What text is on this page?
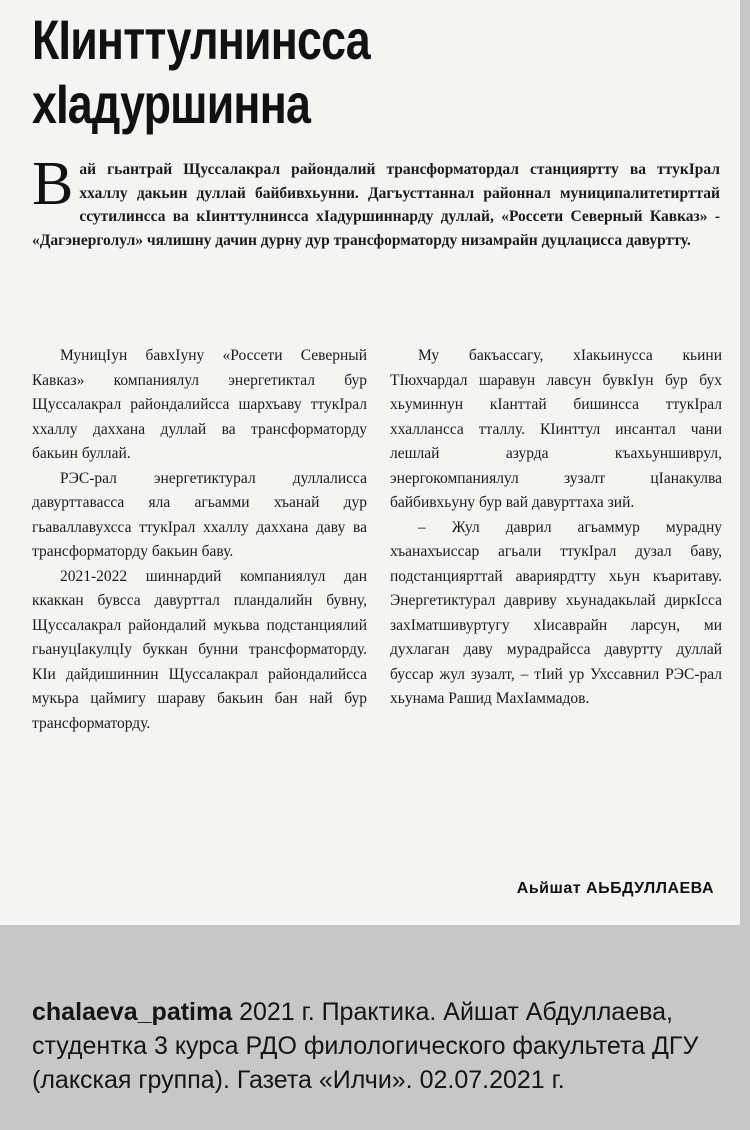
КIинттулнинсса
хIадуршинна
Вай гьантрай Щуссалакрал райондалий трансформатордал станцияртту ва ттукIрал ххаллу дакьин дуллай байбивхьунни. Дагъусттаннал районнал муниципалитетирттай ссутилинсса ва кIинттулнинсса хIадуршиннарду дуллай, «Россети Северный Кавказ» - «Дагэнерголул» чялишну дачин дурну дур трансформаторду низамрайн дуцлацисса давуртту.

МуницIун бавхIуну «Россети Северный Кавказ» компаниялул энергетиктал бур Щуссалакрал райондалийсса шархъаву ттукIрал ххаллу даххана дуллай ва трансформаторду бакьин буллай.

РЭС-рал энергетиктурал дуллалисса давурттавасса яла агьамми хъанай дур гьаваллавухсса ттукIрал ххаллу даххана даву ва трансформаторду бакьин баву.

2021-2022 шиннардий компаниялул дан ккаккан бувсса давурттал пландалийн бувну, Щуссалакрал райондалий мукьва подстанциялий гьануцIакулцIу буккан бунни трансформаторду. КIи дайдишиннин Щуссалакрал райондалийсса мукьра цаймигу шараву бакьин бан най бур трансформаторду.

Му бакъассагу, хIакьинусса кьини ТIюхчардал шаравун лавсун бувкIун бур бух хьуминнун кIанттай бишинсса ттукIрал ххаллансса тталлу. КIинттул инсантал чани лешлай азурда къахьуншиврул, энергокомпаниялул зузалт цIанакулва байбивхьуну бур вай давурттаха зий.

– Жул даврил агьаммур мурадну хъанахъиссар агьали ттукIрал дузал баву, подстанциярттай авариярдтту хьун къаритаву. Энергетиктурал давриву хьунадакьлай диркIсса захIматшивуртугу хIисаврайн ларсун, ми духлаган даву мурадрайсса давуртту дуллай буссар жул зузалт, – тIий ур Ухссавнил РЭС-рал хьунама Рашид МахIаммадов.

Аьйшат АЬБДУЛЛАЕВА
chalaeva_patima 2021 г. Практика. Айшат Абдуллаева, студентка 3 курса РДО филологического факультета ДГУ (лакская группа). Газета «Илчи». 02.07.2021 г.
